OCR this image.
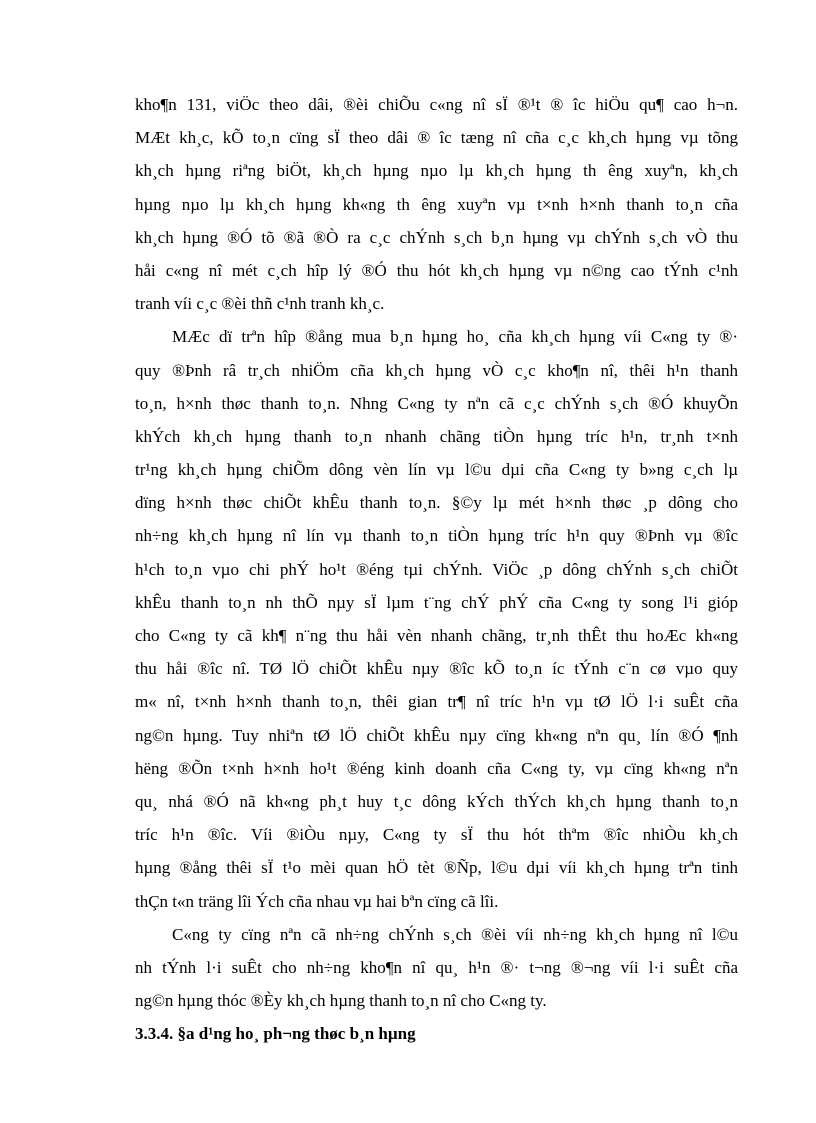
kho¶n 131, viÖc theo dâi, ®èi chiÕu c«ng nî sÏ ®¹t ® îc hiÖu qu¶ cao h¬n.
MÆt kh¸c, kÕ to¸n cïng sÏ theo dâi ® îc tæng nî cña c¸c kh¸ch hµng vµ tõng
kh¸ch hµng riªng biÖt, kh¸ch hµng nµo lµ kh¸ch hµng th êng xuyªn, kh¸ch
hµng nµo lµ kh¸ch hµng kh«ng th êng xuyªn vµ t×nh h×nh thanh to¸n cña
kh¸ch hµng ®Ó tõ ®ã ®Ò ra c¸c chÝnh s¸ch b¸n hµng vµ chÝnh s¸ch vÒ thu
håi c«ng nî mét c¸ch hîp lý ®Ó thu hót kh¸ch hµng vµ n©ng cao tÝnh c¹nh
tranh víi c¸c ®èi thñ c¹nh tranh kh¸c.
MÆc dï trªn hîp ®ång mua b¸n hµng ho¸ cña kh¸ch hµng víi C«ng ty ®·
quy ®Þnh râ tr¸ch nhiÖm cña kh¸ch hµng vÒ c¸c kho¶n nî, thêi h¹n thanh
to¸n, h×nh thøc thanh to¸n. Nhng C«ng ty nªn cã c¸c chÝnh s¸ch ®Ó khuyÕn
khÝch kh¸ch hµng thanh to¸n nhanh chãng tiÒn hµng tríc h¹n, tr¸nh t×nh
tr¹ng kh¸ch hµng chiÕm dông vèn lín vµ l©u dµi cña C«ng ty b»ng c¸ch lµ
dïng h×nh thøc chiÕt khÊu thanh to¸n. §©y lµ mét h×nh thøc ¸p dông cho
nh÷ng kh¸ch hµng nî lín vµ thanh to¸n tiÒn hµng tríc h¹n quy ®Þnh vµ ®îc
h¹ch to¸n vµo chi phÝ ho¹t ®éng tµi chÝnh. ViÖc ¸p dông chÝnh s¸ch chiÕt
khÊu thanh to¸n nh thÕ nµy sÏ lµm t¨ng chÝ phÝ cña C«ng ty song l¹i gióp
cho C«ng ty cã kh¶ n¨ng thu håi vèn nhanh chãng, tr¸nh thÊt thu hoÆc kh«ng
thu håi ®îc nî. TØ lÖ chiÕt khÊu nµy ®îc kÕ to¸n íc tÝnh c¨n cø vµo quy
m« nî, t×nh h×nh thanh to¸n, thêi gian tr¶ nî tríc h¹n vµ tØ lÖ l·i suÊt cña
ng©n hµng. Tuy nhiªn tØ lÖ chiÕt khÊu nµy cïng kh«ng nªn qu¸ lín ®Ó ¶nh
hëng ®Õn t×nh h×nh ho¹t ®éng kinh doanh cña C«ng ty, vµ cïng kh«ng nªn
qu¸ nhá ®Ó nã kh«ng ph¸t huy t¸c dông kÝch thÝch kh¸ch hµng thanh to¸n
tríc h¹n ®îc. Víi ®iÒu nµy, C«ng ty sÏ thu hót thªm ®îc nhiÒu kh¸ch
hµng ®ång thêi sÏ t¹o mèi quan hÖ tèt ®Ñp, l©u dµi víi kh¸ch hµng trªn tinh
thÇn t«n träng lîi Ých cña nhau vµ hai bªn cïng cã lîi.
C«ng ty cïng nªn cã nh÷ng chÝnh s¸ch ®èi víi nh÷ng kh¸ch hµng nî l©u
nh tÝnh l·i suÊt cho nh÷ng kho¶n nî qu¸ h¹n ®· t¬ng ®¬ng víi l·i suÊt cña
ng©n hµng thóc ®Èy kh¸ch hµng thanh to¸n nî cho C«ng ty.
3.3.4. §a d¹ng ho¸ ph¬ng thøc b¸n hµng
